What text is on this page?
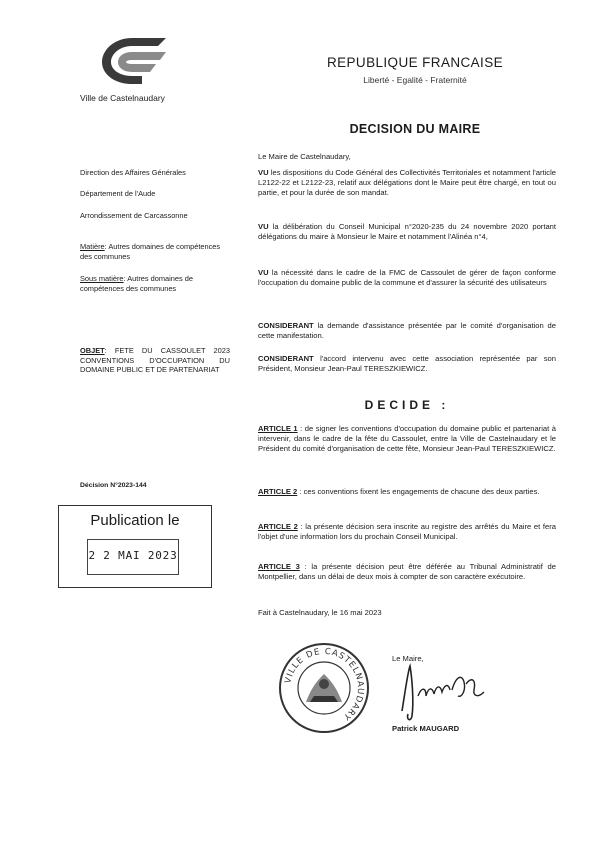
Ville de Castelnaudary
REPUBLIQUE FRANCAISE
Liberté - Egalité - Fraternité
DECISION DU MAIRE
Direction des Affaires Générales
Département de l'Aude
Arrondissement de Carcassonne
Matière: Autres domaines de compétences des communes
Sous matière: Autres domaines de compétences des communes
OBJET: FETE DU CASSOULET 2023 CONVENTIONS D'OCCUPATION DU DOMAINE PUBLIC ET DE PARTENARIAT
Décision N°2023-144
Publication le
2 2 MAI 2023
Le Maire de Castelnaudary,
VU les dispositions du Code Général des Collectivités Territoriales et notamment l'article L2122-22 et L2122-23, relatif aux délégations dont le Maire peut être chargé, en tout ou partie, et pour la durée de son mandat.
VU la délibération du Conseil Municipal n°2020-235 du 24 novembre 2020 portant délégations du maire à Monsieur le Maire et notamment l'Alinéa n°4,
VU la nécessité dans le cadre de la FMC de Cassoulet de gérer de façon conforme l'occupation du domaine public de la commune et d'assurer la sécurité des utilisateurs
CONSIDERANT la demande d'assistance présentée par le comité d'organisation de cette manifestation.
CONSIDERANT l'accord intervenu avec cette association représentée par son Président, Monsieur Jean-Paul TERESZKIEWICZ.
DECIDE :
ARTICLE 1 : de signer les conventions d'occupation du domaine public et partenariat à intervenir, dans le cadre de la fête du Cassoulet, entre la Ville de Castelnaudary et le Président du comité d'organisation de cette fête, Monsieur Jean-Paul TERESZKIEWICZ.
ARTICLE 2 : ces conventions fixent les engagements de chacune des deux parties.
ARTICLE 2 : la présente décision sera inscrite au registre des arrêtés du Maire et fera l'objet d'une information lors du prochain Conseil Municipal.
ARTICLE 3 : la présente décision peut être déférée au Tribunal Administratif de Montpellier, dans un délai de deux mois à compter de son caractère exécutoire.
Fait à Castelnaudary, le 16 mai 2023
VILLE DE CASTELNAUDARY
Le Maire,
Patrick MAUGARD
